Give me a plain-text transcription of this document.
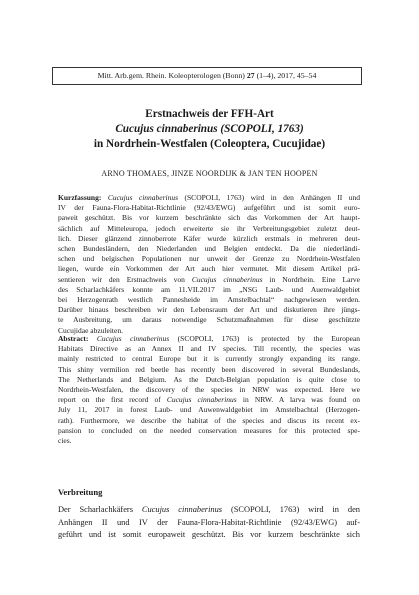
Mitt. Arb.gem. Rhein. Koleopterologen (Bonn) 27 (1–4), 2017, 45–54
Erstnachweis der FFH-Art
Cucujus cinnaberinus (SCOPOLI, 1763)
in Nordrhein-Westfalen (Coleoptera, Cucujidae)
ARNO THOMAES, JINZE NOORDIJK & JAN TEN HOOPEN
Kurzfassung: Cucujus cinnaberinus (SCOPOLI, 1763) wird in den Anhängen II und
IV der Fauna-Flora-Habitat-Richtlinie (92/43/EWG) aufgeführt und ist somit euro-
paweit geschützt. Bis vor kurzem beschränkte sich das Vorkommen der Art haupt-
sächlich auf Mitteleuropa, jedoch erweiterte sie ihr Verbreitungsgebiet zuletzt deut-
lich. Dieser glänzend zinnoberrote Käfer wurde kürzlich erstmals in mehreren deut-
schen Bundesländern, den Niederlanden und Belgien entdeckt. Da die niederländi-
schen und belgischen Populationen nur unweit der Grenze zu Nordrhein-Westfalen
liegen, wurde ein Vorkommen der Art auch hier vermutet. Mit diesem Artikel prä-
sentieren wir den Erstnachweis von Cucujus cinnaberinus in Nordrhein. Eine Larve
des Scharlachkäfers konnte am 11.VII.2017 im „NSG Laub- und Auenwaldgebiet
bei Herzogenrath westlich Pannesheide im Amstelbachtal“ nachgewiesen werden.
Darüber hinaus beschreiben wir den Lebensraum der Art und diskutieren ihre jüngs-
te Ausbreitung, um daraus notwendige Schutzmaßnahmen für diese geschützte
Cucujidae abzuleiten.
Abstract: Cucujus cinnaberinus (SCOPOLI, 1763) is protected by the European
Habitats Directive as an Annex II and IV species. Till recently, the species was
mainly restricted to central Europe but it is currently strongly expanding its range.
This shiny vermilion red beetle has recently been discovered in several Bundeslands,
The Netherlands and Belgium. As the Dutch-Belgian population is quite close to
Nordrhein-Westfalen, the discovery of the species in NRW was expected. Here we
report on the first record of Cucujus cinnaberinus in NRW. A larva was found on
July 11, 2017 in forest Laub- und Auwenwaldgebiet im Amstelbachtal (Herzogen-
rath). Furthermore, we describe the habitat of the species and discus its recent ex-
pansion to concluded on the needed conservation measures for this protected spe-
cies.
Verbreitung
Der Scharlachkäfers Cucujus cinnaberinus (SCOPOLI, 1763) wird in den
Anhängen II und IV der Fauna-Flora-Habitat-Richtlinie (92/43/EWG) auf-
geführt und ist somit europaweit geschützt. Bis vor kurzem beschränkte sich
